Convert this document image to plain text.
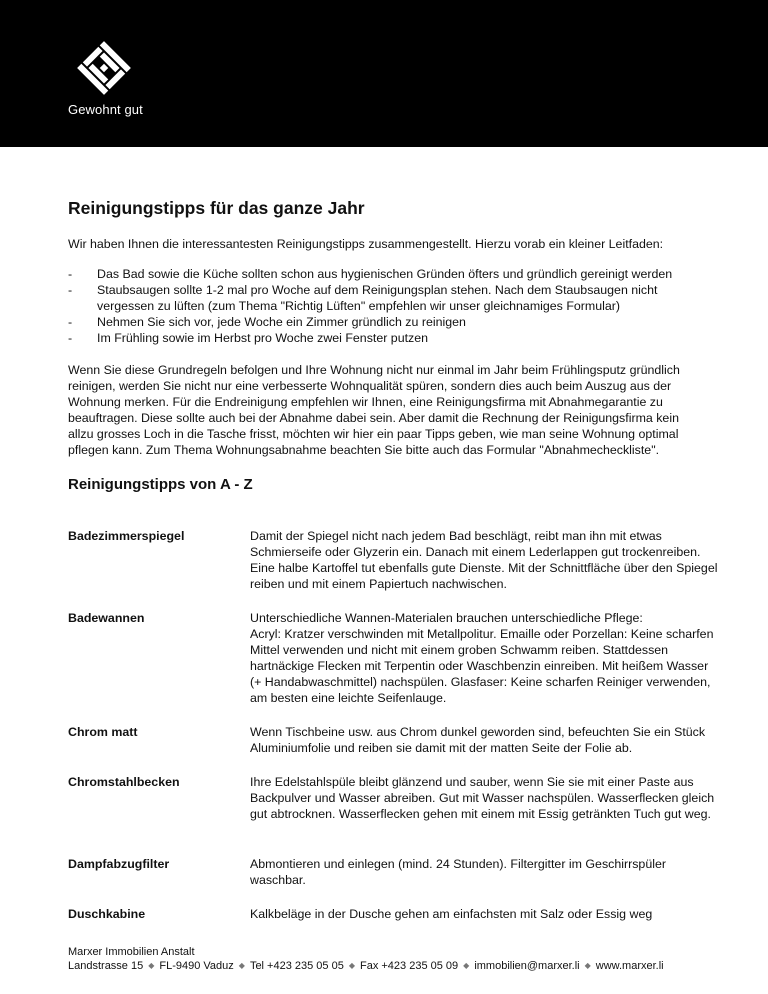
Gewohnt gut
Reinigungstipps für das ganze Jahr

Wir haben Ihnen die interessantesten Reinigungstipps zusammengestellt. Hierzu vorab ein kleiner Leitfaden:

- Das Bad sowie die Küche sollten schon aus hygienischen Gründen öfters und gründlich gereinigt werden
- Staubsaugen sollte 1-2 mal pro Woche auf dem Reinigungsplan stehen. Nach dem Staubsaugen nicht vergessen zu lüften (zum Thema "Richtig Lüften" empfehlen wir unser gleichnamiges Formular)
- Nehmen Sie sich vor, jede Woche ein Zimmer gründlich zu reinigen
- Im Frühling sowie im Herbst pro Woche zwei Fenster putzen

Wenn Sie diese Grundregeln befolgen und Ihre Wohnung nicht nur einmal im Jahr beim Frühlingsputz gründlich reinigen, werden Sie nicht nur eine verbesserte Wohnqualität spüren, sondern dies auch beim Auszug aus der Wohnung merken. Für die Endreinigung empfehlen wir Ihnen, eine Reinigungsfirma mit Abnahmegarantie zu beauftragen. Diese sollte auch bei der Abnahme dabei sein. Aber damit die Rechnung der Reinigungsfirma kein allzu grosses Loch in die Tasche frisst, möchten wir hier ein paar Tipps geben, wie man seine Wohnung optimal pflegen kann. Zum Thema Wohnungsabnahme beachten Sie bitte auch das Formular "Abnahmecheckliste".

Reinigungstipps von A - Z
Badezimmerspiegel	Damit der Spiegel nicht nach jedem Bad beschlägt, reibt man ihn mit etwas Schmierseife oder Glyzerin ein. Danach mit einem Lederlappen gut trockenreiben. Eine halbe Kartoffel tut ebenfalls gute Dienste. Mit der Schnittfläche über den Spiegel reiben und mit einem Papiertuch nachwischen.
Badewannen	Unterschiedliche Wannen-Materialen brauchen unterschiedliche Pflege:
Acryl: Kratzer verschwinden mit Metallpolitur. Emaille oder Porzellan: Keine scharfen Mittel verwenden und nicht mit einem groben Schwamm reiben. Stattdessen hartnäckige Flecken mit Terpentin oder Waschbenzin einreiben. Mit heißem Wasser (+ Handabwaschmittel) nachspülen. Glasfaser: Keine scharfen Reiniger verwenden, am besten eine leichte Seifenlauge.
Chrom matt	Wenn Tischbeine usw. aus Chrom dunkel geworden sind, befeuchten Sie ein Stück Aluminiumfolie und reiben sie damit mit der matten Seite der Folie ab.
Chromstahlbecken	Ihre Edelstahlspüle bleibt glänzend und sauber, wenn Sie sie mit einer Paste aus Backpulver und Wasser abreiben. Gut mit Wasser nachspülen. Wasserflecken gleich gut abtrocknen. Wasserflecken gehen mit einem mit Essig getränkten Tuch gut weg.
Dampfabzugfilter	Abmontieren und einlegen (mind. 24 Stunden). Filtergitter im Geschirrspüler waschbar.
Duschkabine	Kalkbeläge in der Dusche gehen am einfachsten mit Salz oder Essig weg
Marxer Immobilien Anstalt
Landstrasse 15 ◆ FL-9490 Vaduz ◆ Tel +423 235 05 05 ◆ Fax +423 235 05 09 ◆ immobilien@marxer.li ◆ www.marxer.li
